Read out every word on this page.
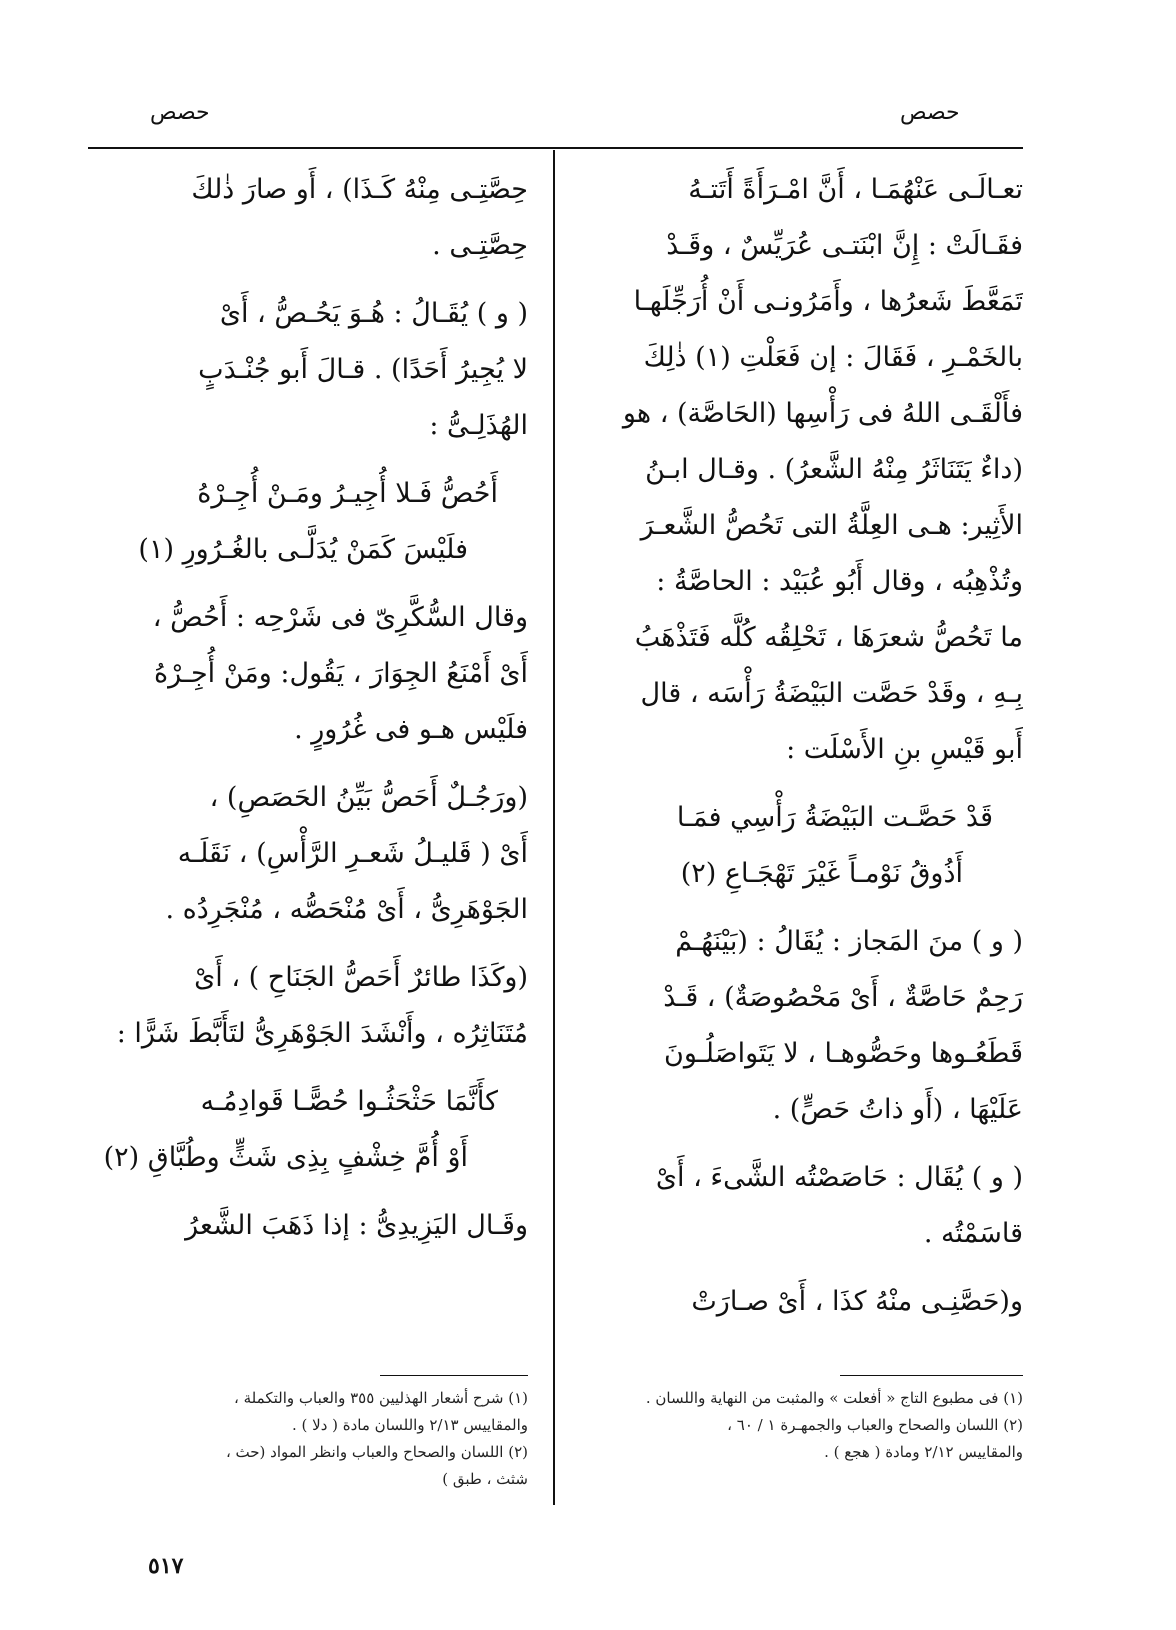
حصص
حصص
تعـالَـى عَنْهُمَـا ، أَنَّ امْـرَأَةً أَتَتـهُ
فقَـالَتْ : إِنَّ ابْنَتـى عُرَيِّسٌ ، وقَـدْ
تَمَعَّطَ شَعرُها ، وأَمَرُونـى أَنْ أُرَجِّلَهـا
بالخَمْـرِ ، فَقَالَ : إن فَعَلْتِ (١) ذٰلِكَ
فأَلْقَـى اللهُ فى رَأْسِها (الحَاصَّة) ، هو
(داءٌ يَتَنَاثَرُ مِنْهُ الشَّعرُ) . وقـال ابـنُ
الأَثِير: هـى العِلَّةُ التى تَحُصُّ الشَّعـرَ
وتُذْهِبُه ، وقال أَبُو عُبَيْد : الحاصَّةُ :
ما تَحُصُّ شعرَهَا ، تَحْلِقُه كُلَّه فَتَذْهَبُ
بِـهِ ، وقَدْ حَصَّت البَيْضَةُ رَأْسَه ، قال
أَبو قَيْسِ بنِ الأَسْلَت :
قَدْ حَصَّـت البَيْضَةُ رَأْسِي فمَـا
أَذُوقُ نَوْمـاً غَيْرَ تَهْجَـاعِ (٢)
( و ) منَ المَجاز : يُقَالُ : (بَيْنَهُـمْ
رَحِمٌ حَاصَّةٌ ، أَىْ مَحْصُوصَةٌ) ، قَـدْ
قَطَعُـوها وحَصُّوهـا ، لا يَتَواصَلُـونَ
عَلَيْهَا ، (أَو ذاتُ حَصٍّ) .
( و ) يُقَال : حَاصَصْتُه الشَّىءَ ، أَىْ
قاسَمْتُه .
و(حَصَّنِـى منْهُ كذَا ، أَىْ صـارَتْ
حِصَّتِـى مِنْهُ كَـذَا) ، أَو صارَ ذٰلكَ
حِصَّتِـى .
( و ) يُقَـالُ : هُـوَ يَحُـصُّ ، أَىْ
لا يُجِيرُ أَحَدًا) . قـالَ أَبو جُنْـدَبٍ
الهُذَلِـىُّ :
أَحُصُّ فَـلا أُجِيـرُ ومَـنْ أُجِـرْهُ
فلَيْسَ كَمَنْ يُدَلَّـى بالغُـرُورِ (١)
وقال السُّكَّرِىّ فى شَرْحِه : أَحُصُّ ،
أَىْ أَمْنَعُ الجِوَارَ ، يَقُول: ومَنْ أُجِـرْهُ
فلَيْس هـو فى غُرُورٍ .
(ورَجُـلٌ أَحَصُّ بَيِّنُ الحَصَصِ) ،
أَىْ ( قَليـلُ شَعـرِ الرَّأْسِ) ، نَقَلَـه
الجَوْهَرِىُّ ، أَىْ مُنْحَصُّه ، مُنْجَرِدُه .
(وكَذَا طائرٌ أَحَصُّ الجَنَاحِ ) ، أَىْ
مُتَنَاثِرُه ، وأَنْشَدَ الجَوْهَرِىُّ لتَأَبَّطَ شَرًّا :
كأَنَّمَا حَثْحَثُـوا حُصًّـا قَوادِمُـه
أَوْ أُمَّ خِشْفٍ بِذِى شَثٍّ وطُبَّاقِ (٢)
وقَـال اليَزِيدِىُّ : إذا ذَهَبَ الشَّعرُ
(١) فى مطبوع التاج « أفعلت » والمثبت من النهاية واللسان .
(٢) اللسان والصحاح والعباب والجمهـرة ١ / ٦٠ ،
والمقاييس ٢/١٢ ومادة ( هجع ) .
(١) شرح أشعار الهذليين ٣٥٥ والعباب والتكملة ،
والمقاييس ٢/١٣ واللسان مادة ( دلا ) .
(٢) اللسان والصحاح والعباب وانظر المواد (حث ،
شثث ، طبق )
٥١٧
